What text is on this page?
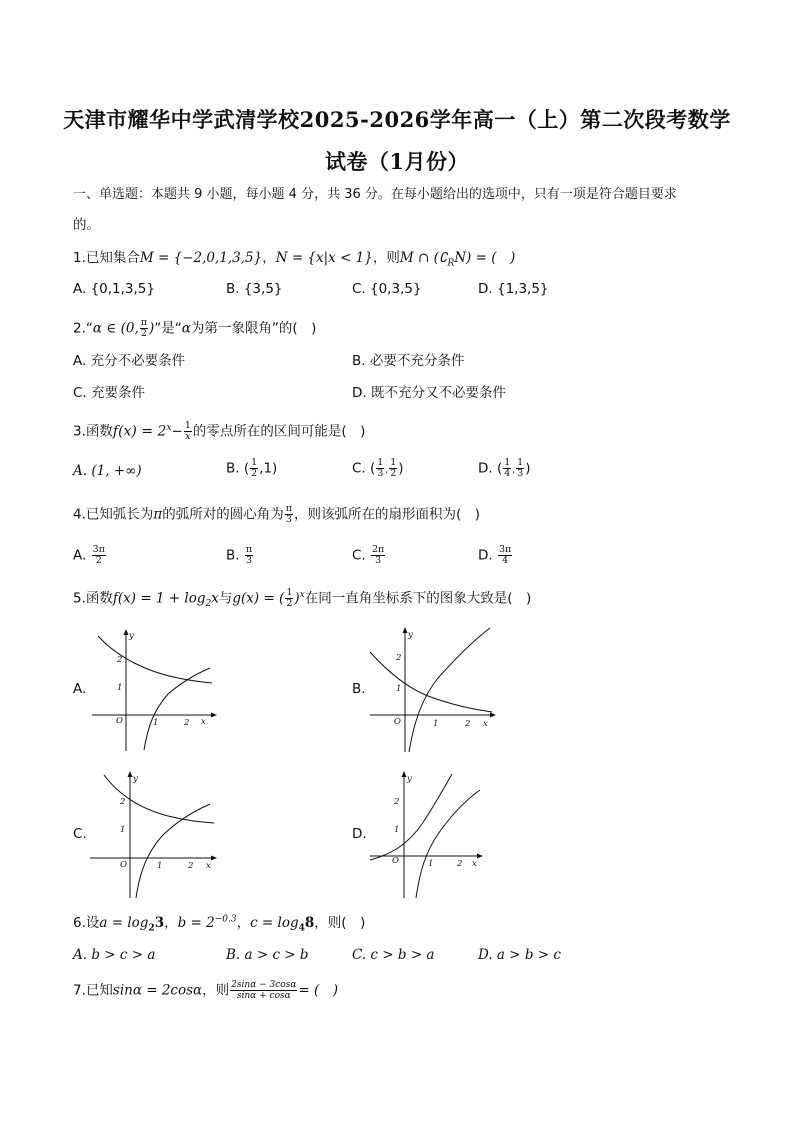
天津市耀华中学武清学校2025-2026学年高一（上）第二次段考数学
试卷（1月份）
一、单选题：本题共 9 小题，每小题 4 分，共 36 分。在每小题给出的选项中，只有一项是符合题目要求
的。
1.已知集合M = {−2,0,1,3,5}，N = {x|x < 1}，则M ∩ $(∁_RN)$ = (　)
A. {0,1,3,5}	B. {3,5}	C. {0,3,5}	D. {1,3,5}
2.“α ∈ (0, $\frac{\pi}{2}$ )”是“α为第一象限角”的(　)
A. 充分不必要条件	B. 必要不充分条件
C. 充要条件	D. 既不充分又不必要条件
3.函数$f(x) = 2^x- \frac{1}{x}$ 的零点所在的区间可能是(　)
A. (1, +∞)	B. ( $\frac{1}{2} ,1$)	C. ( $\frac{1}{3}$ , $\frac{1}{2}$ )	D. ( $\frac{1}{4}$ , $\frac{1}{3}$ )
4.已知弧长为π的弧所对的圆心角为 $\frac{\pi}{3}$ ，则该弧所在的扇形面积为(　)
A. $\frac{3\pi}{2}$	B. $\frac{\pi}{3}$	C. $\frac{2\pi}{3}$	D. $\frac{3\pi}{4}$
5.函数$f(x) = 1 + \log_2x$与g(x) = ( $\frac{1}{2} )^x$在同一直角坐标系下的图象大致是(　)
A.	B.
C.	D.
y
x
O
2
1
1	2
y
x
O
2
1
1	2
y
x
O
2
1
1	2
y
x
O
2
1
1	2
6.设$a = \log_23$，$b = 2^{-0.3}$，$c = \log_48$，则(　)
A. b > c > a	B. a > c > b	C. c > b > a	D. a > b > c
7.已知sinα = 2cosα，则 $\frac{2\sin\alpha - 3\cos\alpha}{\sin\alpha + \cos\alpha}$ = (　)
